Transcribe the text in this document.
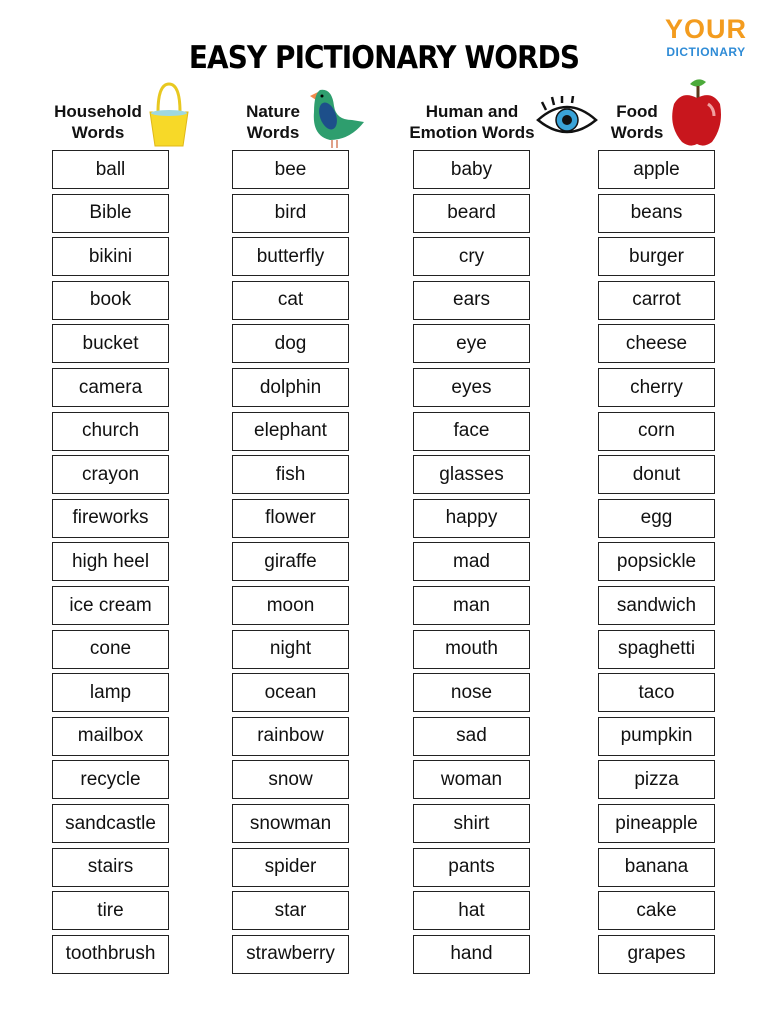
YOUR
DICTIONARY
EASY PICTIONARY WORDS
Household
Words
Nature
Words
Human and
Emotion Words
Food
Words
ball
Bible
bikini
book
bucket
camera
church
crayon
fireworks
high heel
ice cream
cone
lamp
mailbox
recycle
sandcastle
stairs
tire
toothbrush
bee
bird
butterfly
cat
dog
dolphin
elephant
fish
flower
giraffe
moon
night
ocean
rainbow
snow
snowman
spider
star
strawberry
baby
beard
cry
ears
eye
eyes
face
glasses
happy
mad
man
mouth
nose
sad
woman
shirt
pants
hat
hand
apple
beans
burger
carrot
cheese
cherry
corn
donut
egg
popsickle
sandwich
spaghetti
taco
pumpkin
pizza
pineapple
banana
cake
grapes
